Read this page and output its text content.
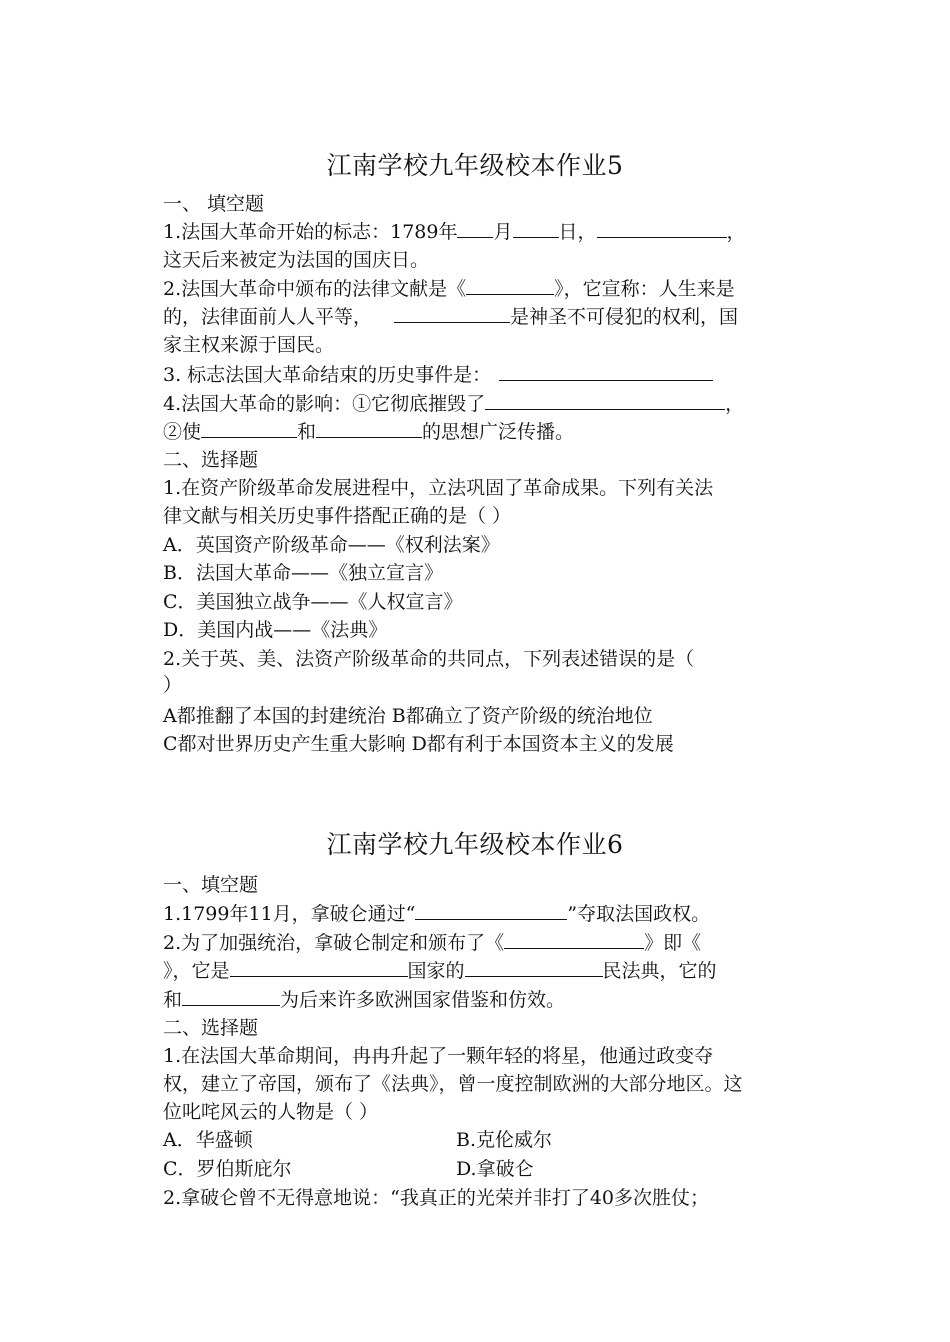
江南学校九年级校本作业5
一、 填空题
1.法国大革命开始的标志：1789年 月 日，	，
这天后来被定为法国的国庆日。
2.法国大革命中颁布的法律文献是《	》，它宣称：人生来是
的，法律面前人人平等，	是神圣不可侵犯的权利，国
家主权来源于国民。
3. 标志法国大革命结束的历史事件是：
4.法国大革命的影响：①它彻底摧毁了	，
②使	和	的思想广泛传播。
二、选择题
1.在资产阶级革命发展进程中，立法巩固了革命成果。下列有关法
律文献与相关历史事件搭配正确的是（ ）
A．英国资产阶级革命——《权利法案》
B．法国大革命——《独立宣言》
C．美国独立战争——《人权宣言》
D．美国内战——《法典》
2.关于英、美、法资产阶级革命的共同点，下列表述错误的是（
）
A都推翻了本国的封建统治 B都确立了资产阶级的统治地位
C都对世界历史产生重大影响 D都有利于本国资本主义的发展
江南学校九年级校本作业6
一、填空题
1.1799年11月，拿破仑通过“	”夺取法国政权。
2.为了加强统治，拿破仑制定和颁布了《	》即《
》，它是	国家的	民法典，它的
和	为后来许多欧洲国家借鉴和仿效。
二、选择题
1.在法国大革命期间，冉冉升起了一颗年轻的将星，他通过政变夺
权，建立了帝国，颁布了《法典》，曾一度控制欧洲的大部分地区。这
位叱咤风云的人物是（ ）
A．华盛顿	B.克伦威尔
C．罗伯斯庇尔	D.拿破仑
2.拿破仑曾不无得意地说：“我真正的光荣并非打了40多次胜仗；
